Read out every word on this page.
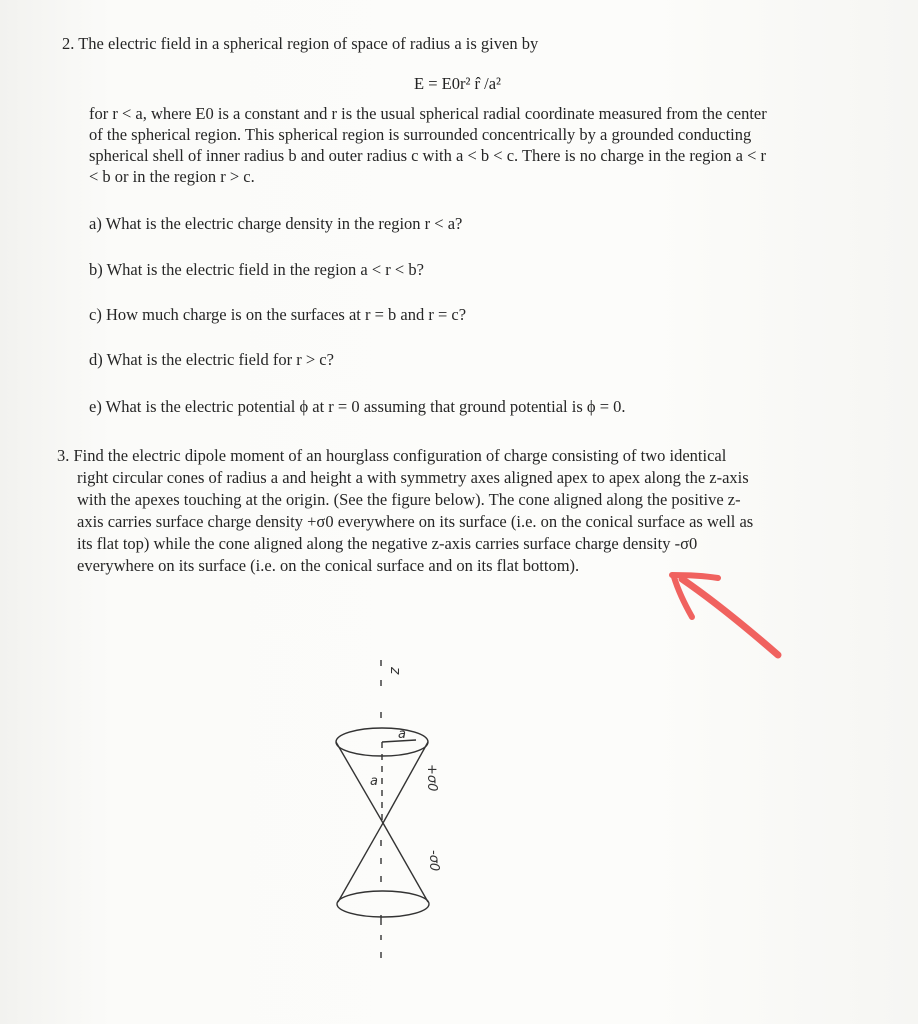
2. The electric field in a spherical region of space of radius a is given by
E = E0r² r̂ /a²
for r < a, where E0 is a constant and r is the usual spherical radial coordinate measured from the center
of the spherical region. This spherical region is surrounded concentrically by a grounded conducting
spherical shell of inner radius b and outer radius c with a < b < c. There is no charge in the region a < r
< b or in the region r > c.
a) What is the electric charge density in the region r < a?
b) What is the electric field in the region a < r < b?
c) How much charge is on the surfaces at r = b and r = c?
d) What is the electric field for r > c?
e) What is the electric potential ϕ at r = 0 assuming that ground potential is ϕ = 0.
3. Find the electric dipole moment of an hourglass configuration of charge consisting of two identical
right circular cones of radius a and height a with symmetry axes aligned apex to apex along the z-axis
with the apexes touching at the origin. (See the figure below). The cone aligned along the positive z-
axis carries surface charge density +σ0 everywhere on its surface (i.e. on the conical surface as well as
its flat top) while the cone aligned along the negative z-axis carries surface charge density -σ0
everywhere on its surface (i.e. on the conical surface and on its flat bottom).
z
a
a	+σ0
-σ0
